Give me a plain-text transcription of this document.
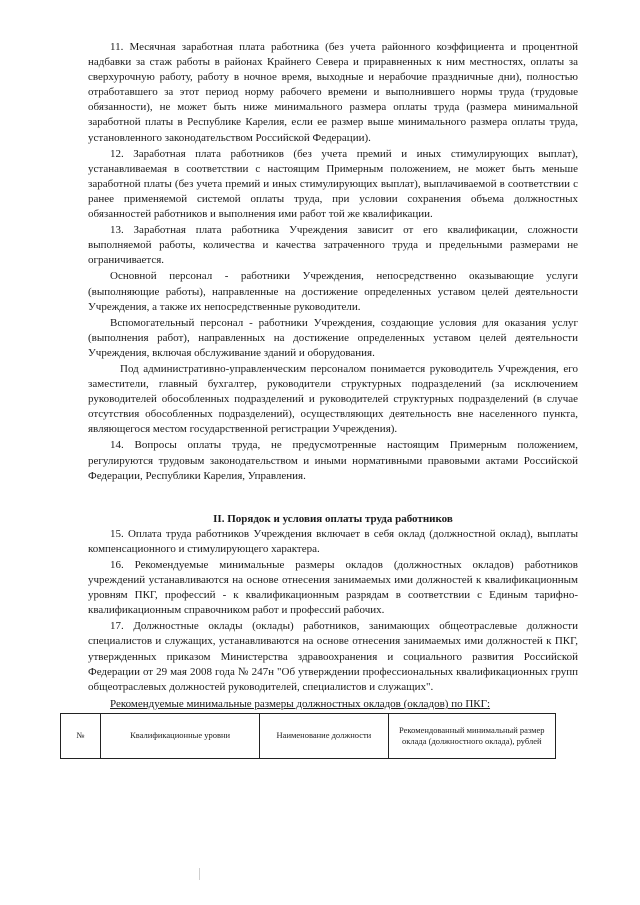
11. Месячная заработная плата работника (без учета районного коэффициента и процентной надбавки за стаж работы в районах Крайнего Севера и приравненных к ним местностях, оплаты за сверхурочную работу, работу в ночное время, выходные и нерабочие праздничные дни), полностью отработавшего за этот период норму рабочего времени и выполнившего нормы труда (трудовые обязанности), не может быть ниже минимального размера оплаты труда (размера минимальной заработной платы в Республике Карелия, если ее размер выше минимального размера оплаты труда, установленного законодательством Российской Федерации).

12. Заработная плата работников (без учета премий и иных стимулирующих выплат), устанавливаемая в соответствии с настоящим Примерным положением, не может быть меньше заработной платы (без учета премий и иных стимулирующих выплат), выплачиваемой в соответствии с ранее применяемой системой оплаты труда, при условии сохранения объема должностных обязанностей работников и выполнения ими работ той же квалификации.

13. Заработная плата работника Учреждения зависит от его квалификации, сложности выполняемой работы, количества и качества затраченного труда и предельными размерами не ограничивается.

Основной персонал - работники Учреждения, непосредственно оказывающие услуги (выполняющие работы), направленные на достижение определенных уставом целей деятельности Учреждения, а также их непосредственные руководители.

Вспомогательный персонал - работники Учреждения, создающие условия для оказания услуг (выполнения работ), направленных на достижение определенных уставом целей деятельности Учреждения, включая обслуживание зданий и оборудования.

Под административно-управленческим персоналом понимается руководитель Учреждения, его заместители, главный бухгалтер, руководители структурных подразделений (за исключением руководителей обособленных подразделений и руководителей структурных подразделений (в случае отсутствия обособленных подразделений), осуществляющих деятельность вне населенного пункта, являющегося местом государственной регистрации Учреждения).

14. Вопросы оплаты труда, не предусмотренные настоящим Примерным положением, регулируются трудовым законодательством и иными нормативными правовыми актами Российской Федерации, Республики Карелия, Управления.

II. Порядок и условия оплаты труда работников

15. Оплата труда работников Учреждения включает в себя оклад (должностной оклад), выплаты компенсационного и стимулирующего характера.

16. Рекомендуемые минимальные размеры окладов (должностных окладов) работников учреждений устанавливаются на основе отнесения занимаемых ими должностей к квалификационным уровням ПКГ, профессий - к квалификационным разрядам в соответствии с Единым тарифно-квалификационным справочником работ и профессий рабочих.

17. Должностные оклады (оклады) работников, занимающих общеотраслевые должности специалистов и служащих, устанавливаются на основе отнесения занимаемых ими должностей к ПКГ, утвержденных приказом Министерства здравоохранения и социального развития Российской Федерации от 29 мая 2008 года № 247н "Об утверждении профессиональных квалификационных групп общеотраслевых должностей руководителей, специалистов и служащих".

Рекомендуемые минимальные размеры должностных окладов (окладов) по ПКГ:

№	Квалификационные уровни	Наименование должности	Рекомендованный минимальный размер оклада (должностного оклада), рублей
